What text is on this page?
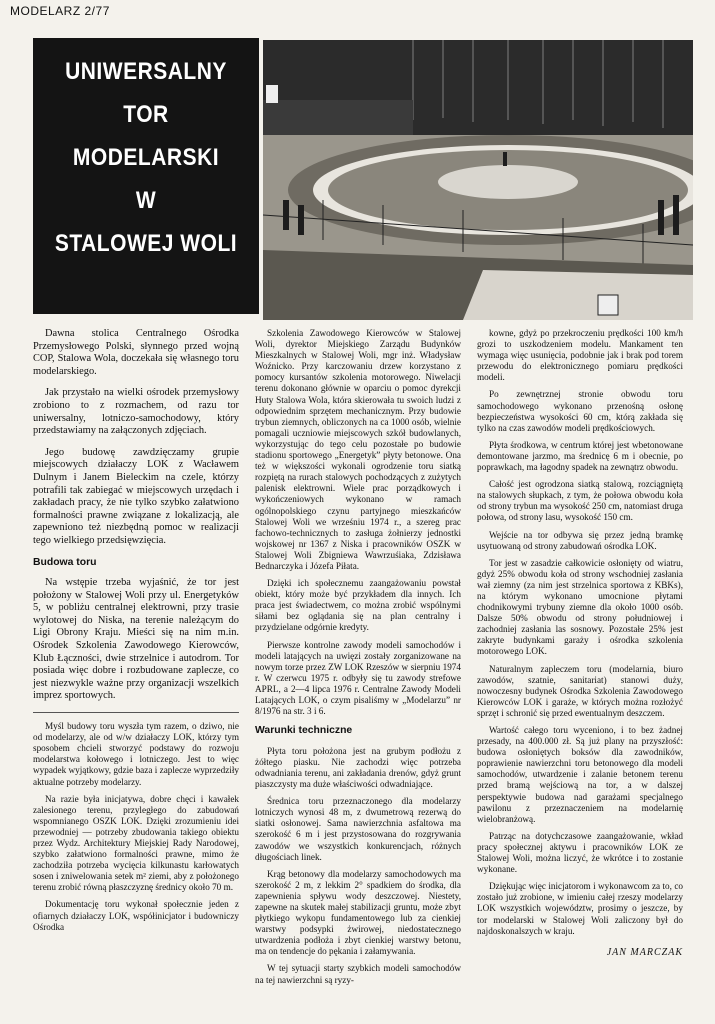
MODELARZ 2/77
UNIWERSALNY
TOR
MODELARSKI
W
STALOWEJ WOLI

Dawna stolica Centralnego Ośrodka Przemysłowego Polski, słynnego przed wojną COP, Stalowa Wola, doczekała się własnego toru modelarskiego.

Jak przystało na wielki ośrodek przemysłowy zrobiono to z rozmachem, od razu tor uniwersalny, lotniczo-samochodowy, który przedstawiamy na załączonych zdjęciach.

Jego budowę zawdzięczamy grupie miejscowych działaczy LOK z Wacławem Dulnym i Janem Bieleckim na czele, którzy potrafili tak zabiegać w miejscowych urzędach i zakładach pracy, że nie tylko szybko załatwiono formalności prawne związane z lokalizacją, ale zapewniono też niezbędną pomoc w realizacji tego wielkiego przedsięwzięcia.

Budowa toru

Na wstępie trzeba wyjaśnić, że tor jest położony w Stalowej Woli przy ul. Energetyków 5, w pobliżu centralnej elektrowni, przy trasie wylotowej do Niska, na terenie należącym do Ligi Obrony Kraju. Mieści się na nim m.in. Ośrodek Szkolenia Zawodowego Kierowców, Klub Łączności, dwie strzelnice i autodrom. Tor posiada więc dobre i rozbudowane zaplecze, co jest niezwykle ważne przy organizacji wszelkich imprez sportowych.

Myśl budowy toru wyszła tym razem, o dziwo, nie od modelarzy, ale od w/w działaczy LOK, którzy tym sposobem chcieli stworzyć podstawy do rozwoju modelarstwa kołowego i lotniczego. Jest to więc wypadek wyjątkowy, gdzie baza i zaplecze wyprzedziły aktualne potrzeby modelarzy.

Na razie była inicjatywa, dobre chęci i kawałek zalesionego terenu, przyległego do zabudowań wspomnianego OSZK LOK. Dzięki zrozumieniu idei przewodniej — potrzeby zbudowania takiego obiektu przez Wydz. Architektury Miejskiej Rady Narodowej, szybko załatwiono formalności prawne, mimo że zachodziła potrzeba wycięcia kilkunastu karłowatych sosen i zniwelowania setek m² ziemi, aby z położonego terenu zrobić równą płaszczyznę średnicy około 70 m.

Dokumentację toru wykonał społecznie jeden z ofiarnych działaczy LOK, współinicjator i budowniczy Ośrodka

Szkolenia Zawodowego Kierowców w Stalowej Woli, dyrektor Miejskiego Zarządu Budynków Mieszkalnych w Stalowej Woli, mgr inż. Władysław Woźnicko. Przy karczowaniu drzew korzystano z pomocy kursantów szkolenia motorowego. Niwelacji terenu dokonano głównie w oparciu o pomoc dyrekcji Huty Stalowa Wola, która skierowała tu swoich ludzi z odpowiednim sprzętem mechanicznym. Przy budowie trybun ziemnych, obliczonych na ca 1000 osób, wielnie pomagali uczniowie miejscowych szkół budowlanych, wykorzystując do tego celu pozostałe po budowie stadionu sportowego „Energetyk” płyty betonowe. Ona też w większości wykonali ogrodzenie toru siatką rozpiętą na rurach stalowych pochodzących z zużytych palenisk elektrowni. Wiele prac porządkowych i wykończeniowych wykonano w ramach ogólnopolskiego czynu partyjnego mieszkańców Stalowej Woli we wrześniu 1974 r., a szereg prac fachowo-technicznych to zasługa żołnierzy jednostki wojskowej nr 1367 z Niska i pracowników OSZK w Stalowej Woli Zbigniewa Wawrzuśiaka, Zdzisława Bednarczyka i Józefa Piłata.

Dzięki ich społecznemu zaangażowaniu powstał obiekt, który może być przykładem dla innych. Ich praca jest świadectwem, co można zrobić wspólnymi siłami bez oglądania się na plan centralny i przydzielane odgórnie kredyty.

Pierwsze kontrolne zawody modeli samochodów i modeli latających na uwięzi zostały zorganizowane na nowym torze przez ZW LOK Rzeszów w sierpniu 1974 r. W czerwcu 1975 r. odbyły się tu zawody strefowe APRL, a 2—4 lipca 1976 r. Centralne Zawody Modeli Latających LOK, o czym pisaliśmy w „Modelarzu” nr 8/1976 na str. 3 i 6.

Warunki techniczne

Płyta toru położona jest na grubym podłożu z żółtego piasku. Nie zachodzi więc potrzeba odwadniania terenu, ani zakładania drenów, gdyż grunt piaszczysty ma duże właściwości odwadniające.

Średnica toru przeznaczonego dla modelarzy lotniczych wynosi 48 m, z dwumetrową rezerwą do siatki osłonowej. Sama nawierzchnia asfaltowa ma szerokość 6 m i jest przystosowana do rozgrywania zawodów we wszystkich konkurencjach, różnych długościach linek.

Krąg betonowy dla modelarzy samochodowych ma szerokość 2 m, z lekkim 2° spadkiem do środka, dla zapewnienia spływu wody deszczowej. Niestety, zapewne na skutek małej stabilizacji gruntu, może zbyt płytkiego wykopu fundamentowego lub za cienkiej warstwy podsypki żwirowej, niedostatecznego utwardzenia podłoża i zbyt cienkiej warstwy betonu, ma on tendencje do pękania i załamywania.

W tej sytuacji starty szybkich modeli samochodów na tej nawierzchni są ryzy-

kowne, gdyż po przekroczeniu prędkości 100 km/h grozi to uszkodzeniem modelu. Mankament ten wymaga więc usunięcia, podobnie jak i brak pod torem przewodu do elektronicznego pomiaru prędkości modeli.

Po zewnętrznej stronie obwodu toru samochodowego wykonano przenośną osłonę bezpieczeństwa wysokości 60 cm, którą zakłada się tylko na czas zawodów modeli prędkościowych.

Płyta środkowa, w centrum której jest wbetonowane demontowane jarzmo, ma średnicę 6 m i obecnie, po poprawkach, ma łagodny spadek na zewnątrz obwodu.

Całość jest ogrodzona siatką stalową, rozciągniętą na stalowych słupkach, z tym, że połowa obwodu koła od strony trybun ma wysokość 250 cm, natomiast druga połowa, od strony lasu, wysokość 150 cm.

Wejście na tor odbywa się przez jedną bramkę usytuowaną od strony zabudowań ośrodka LOK.

Tor jest w zasadzie całkowicie osłonięty od wiatru, gdyż 25% obwodu koła od strony wschodniej zasłania wał ziemny (za nim jest strzelnica sportowa z KBKs), na którym wykonano umocnione płytami chodnikowymi trybuny ziemne dla około 1000 osób. Dalsze 50% obwodu od strony południowej i zachodniej zasłania las sosnowy. Pozostałe 25% jest zakryte budynkami garaży i ośrodka szkolenia motorowego LOK.

Naturalnym zapleczem toru (modelarnia, biuro zawodów, szatnie, sanitariat) stanowi duży, nowoczesny budynek Ośrodka Szkolenia Zawodowego Kierowców LOK i garaże, w których można rozłożyć sprzęt i schronić się przed ewentualnym deszczem.

Wartość całego toru wyceniono, i to bez żadnej przesady, na 400.000 zł. Są już plany na przyszłość: budowa osłoniętych boksów dla zawodników, poprawienie nawierzchni toru betonowego dla modeli samochodów, utwardzenie i zalanie betonem terenu przed bramą wejściową na tor, a w dalszej perspektywie budowa nad garażami specjalnego pawilonu z przeznaczeniem na modelarnię wielobranżową.

Patrząc na dotychczasowe zaangażowanie, wkład pracy społecznej aktywu i pracowników LOK ze Stalowej Woli, można liczyć, że wkrótce i to zostanie wykonane.

Dziękując więc inicjatorom i wykonawcom za to, co zostało już zrobione, w imieniu całej rzeszy modelarzy LOK wszystkich województw, prosimy o jeszcze, by tor modelarski w Stalowej Woli zaliczony był do najdoskonalszych w kraju.

JAN MARCZAK
